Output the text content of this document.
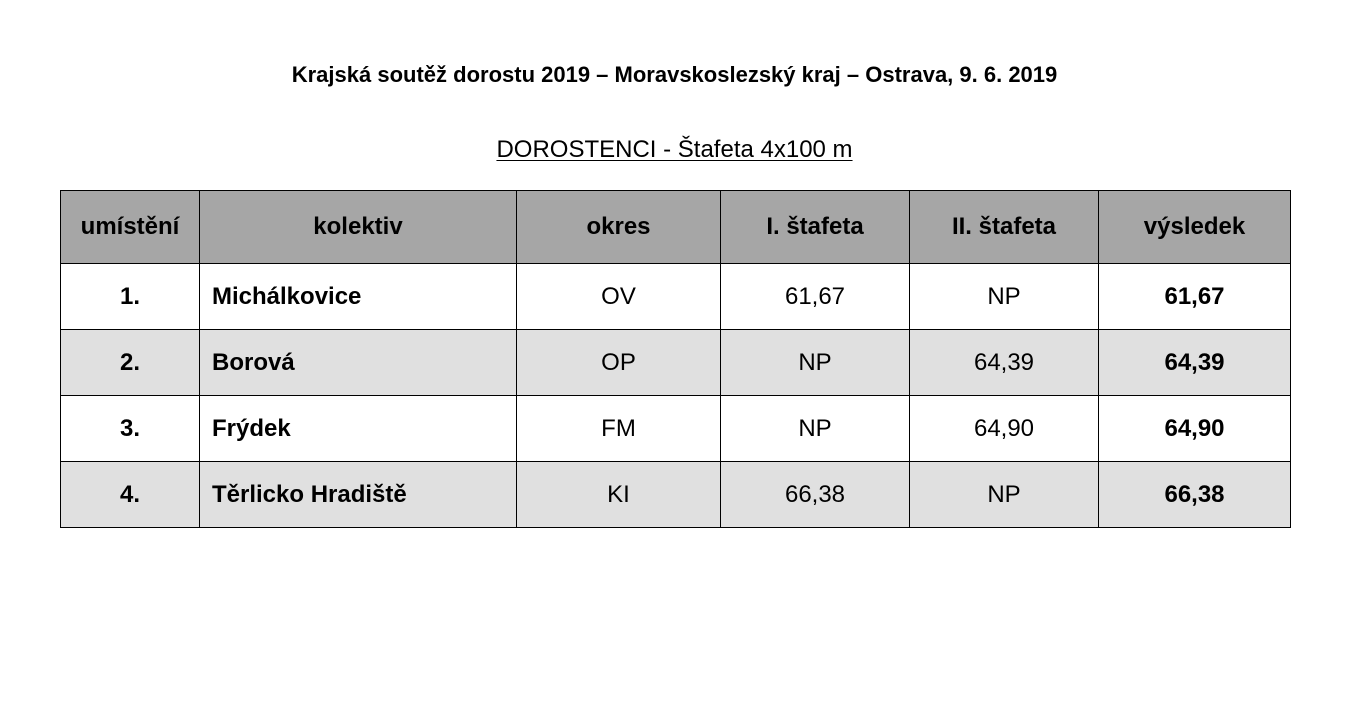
Krajská soutěž dorostu 2019 – Moravskoslezský kraj – Ostrava, 9. 6. 2019
DOROSTENCI - Štafeta 4x100 m
umístění	kolektiv	okres	I. štafeta	II. štafeta	výsledek
1.	Michálkovice	OV	61,67	NP	61,67
2.	Borová	OP	NP	64,39	64,39
3.	Frýdek	FM	NP	64,90	64,90
4.	Těrlicko Hradiště	KI	66,38	NP	66,38
